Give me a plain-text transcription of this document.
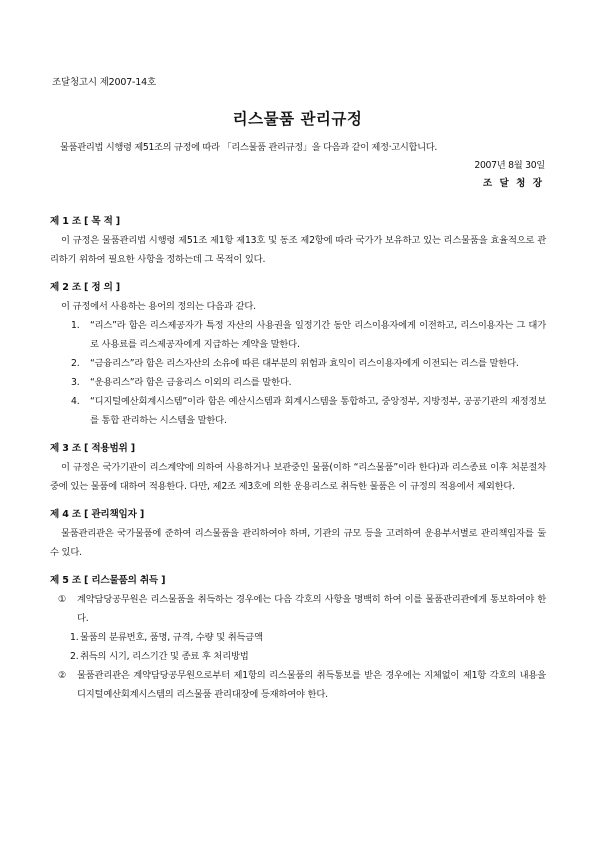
조달청고시 제2007-14호
리스물품 관리규정
물품관리법 시행령 제51조의 규정에 따라 「리스물품 관리규정」을 다음과 같이 제정·고시합니다.
2007년 8월 30일
조 달 청 장
제 1 조 [ 목 적 ]
이 규정은 물품관리법 시행령 제51조 제1항 제13호 및 동조 제2항에 따라 국가가 보유하고 있는 리스물품을 효율적으로 관리하기 위하여 필요한 사항을 정하는데 그 목적이 있다.
제 2 조 [ 정 의 ]
이 규정에서 사용하는 용어의 정의는 다음과 같다.
1. “리스”라 함은 리스제공자가 특정 자산의 사용권을 일정기간 동안 리스이용자에게 이전하고, 리스이용자는 그 대가로 사용료를 리스제공자에게 지급하는 계약을 말한다.
2. “금융리스”라 함은 리스자산의 소유에 따른 대부분의 위험과 효익이 리스이용자에게 이전되는 리스를 말한다.
3. “운용리스”라 함은 금융리스 이외의 리스를 말한다.
4. “디지털예산회계시스템”이라 함은 예산시스템과 회계시스템을 통합하고, 중앙정부, 지방정부, 공공기관의 재정정보를 통합 관리하는 시스템을 말한다.
제 3 조 [ 적용범위 ]
이 규정은 국가기관이 리스계약에 의하여 사용하거나 보관중인 물품(이하 “리스물품”이라 한다)과 리스종료 이후 처분절차 중에 있는 물품에 대하여 적용한다. 다만, 제2조 제3호에 의한 운용리스로 취득한 물품은 이 규정의 적용에서 제외한다.
제 4 조 [ 관리책임자 ]
물품관리관은 국가물품에 준하여 리스물품을 관리하여야 하며, 기관의 규모 등을 고려하여 운용부서별로 관리책임자를 둘 수 있다.
제 5 조 [ 리스물품의 취득 ]
① 계약담당공무원은 리스물품을 취득하는 경우에는 다음 각호의 사항을 명백히 하여 이를 물품관리관에게 통보하여야 한다.
1. 물품의 분류번호, 품명, 규격, 수량 및 취득금액
2. 취득의 시기, 리스기간 및 종료 후 처리방법
② 물품관리관은 계약담당공무원으로부터 제1항의 리스물품의 취득통보를 받은 경우에는 지체없이 제1항 각호의 내용을 디지털예산회계시스템의 리스물품 관리대장에 등재하여야 한다.
